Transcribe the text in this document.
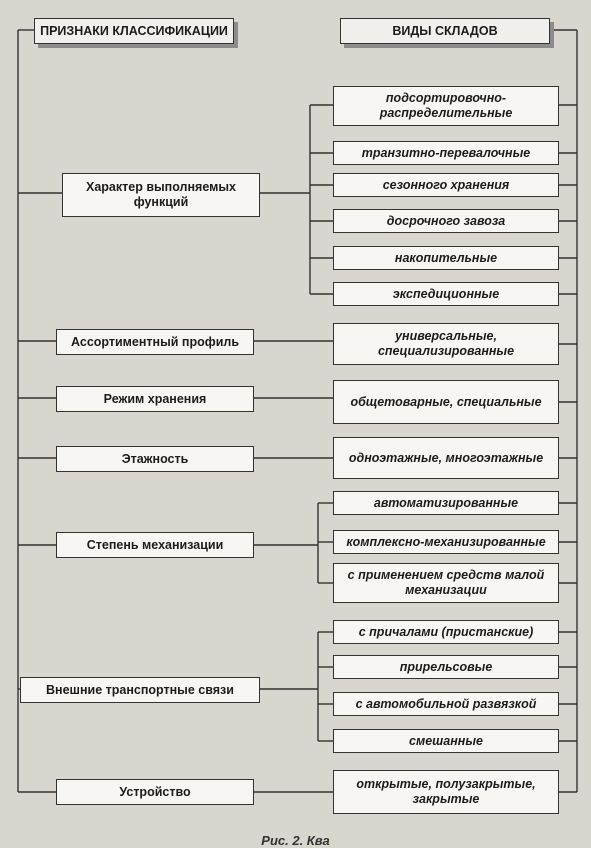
ПРИЗНАКИ КЛАССИФИКАЦИИ	ВИДЫ СКЛАДОВ
Характер выполняемых функций
Ассортиментный профиль
Режим хранения
Этажность
Степень механизации
Внешние транспортные связи
Устройство
подсортировочно-распределительные
транзитно-перевалочные
сезонного хранения
досрочного завоза
накопительные
экспедиционные
универсальные, специализированные
общетоварные, специальные
одноэтажные, многоэтажные
автоматизированные
комплексно-механизированные
с применением средств малой механизации
с причалами (пристанские)
прирельсовые
с автомобильной развязкой
смешанные
открытые, полузакрытые, закрытые
Рис. 2. Ква
